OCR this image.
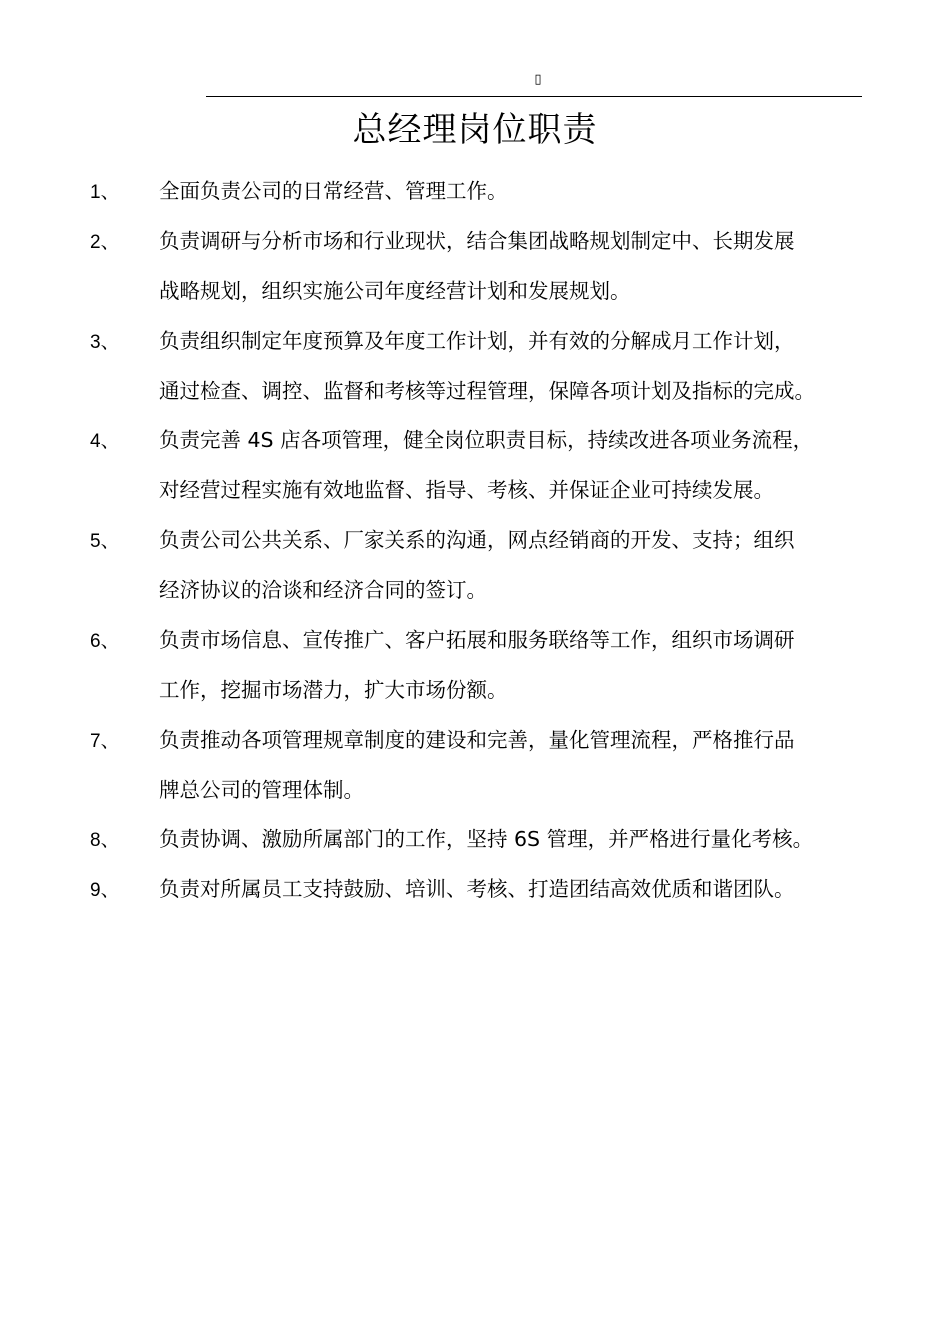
▯
总经理岗位职责
1、 全面负责公司的日常经营、管理工作。
2、 负责调研与分析市场和行业现状，结合集团战略规划制定中、长期发展
战略规划，组织实施公司年度经营计划和发展规划。
3、 负责组织制定年度预算及年度工作计划，并有效的分解成月工作计划，
通过检查、调控、监督和考核等过程管理，保障各项计划及指标的完成。
4、 负责完善 4S 店各项管理，健全岗位职责目标，持续改进各项业务流程，
对经营过程实施有效地监督、指导、考核、并保证企业可持续发展。
5、 负责公司公共关系、厂家关系的沟通，网点经销商的开发、支持；组织
经济协议的洽谈和经济合同的签订。
6、 负责市场信息、宣传推广、客户拓展和服务联络等工作，组织市场调研
工作，挖掘市场潜力，扩大市场份额。
7、 负责推动各项管理规章制度的建设和完善，量化管理流程，严格推行品
牌总公司的管理体制。
8、 负责协调、激励所属部门的工作，坚持 6S 管理，并严格进行量化考核。
9、 负责对所属员工支持鼓励、培训、考核、打造团结高效优质和谐团队。
